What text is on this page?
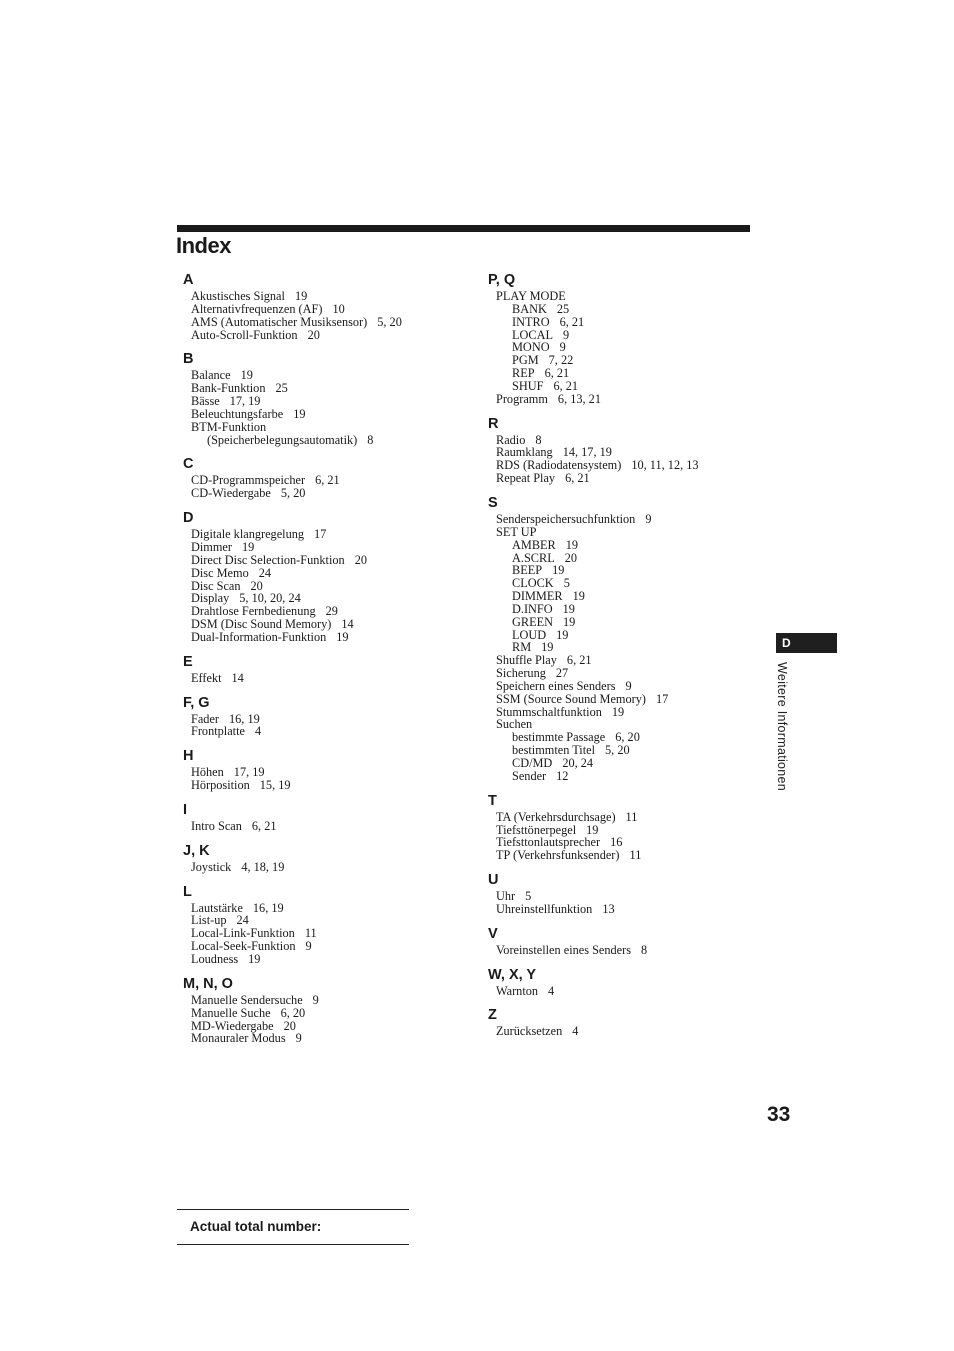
Index
A
Akustisches Signal 19
Alternativfrequenzen (AF) 10
AMS (Automatischer Musiksensor) 5, 20
Auto-Scroll-Funktion 20
B
Balance 19
Bank-Funktion 25
Bässe 17, 19
Beleuchtungsfarbe 19
BTM-Funktion
(Speicherbelegungsautomatik) 8
C
CD-Programmspeicher 6, 21
CD-Wiedergabe 5, 20
D
Digitale klangregelung 17
Dimmer 19
Direct Disc Selection-Funktion 20
Disc Memo 24
Disc Scan 20
Display 5, 10, 20, 24
Drahtlose Fernbedienung 29
DSM (Disc Sound Memory) 14
Dual-Information-Funktion 19
E
Effekt 14
F, G
Fader 16, 19
Frontplatte 4
H
Höhen 17, 19
Hörposition 15, 19
I
Intro Scan 6, 21
J, K
Joystick 4, 18, 19
L
Lautstärke 16, 19
List-up 24
Local-Link-Funktion 11
Local-Seek-Funktion 9
Loudness 19
M, N, O
Manuelle Sendersuche 9
Manuelle Suche 6, 20
MD-Wiedergabe 20
Monauraler Modus 9
P, Q
PLAY MODE
BANK 25
INTRO 6, 21
LOCAL 9
MONO 9
PGM 7, 22
REP 6, 21
SHUF 6, 21
Programm 6, 13, 21
R
Radio 8
Raumklang 14, 17, 19
RDS (Radiodatensystem) 10, 11, 12, 13
Repeat Play 6, 21
S
Senderspeichersuchfunktion 9
SET UP
AMBER 19
A.SCRL 20
BEEP 19
CLOCK 5
DIMMER 19
D.INFO 19
GREEN 19
LOUD 19
RM 19
Shuffle Play 6, 21
Sicherung 27
Speichern eines Senders 9
SSM (Source Sound Memory) 17
Stummschaltfunktion 19
Suchen
bestimmte Passage 6, 20
bestimmten Titel 5, 20
CD/MD 20, 24
Sender 12
T
TA (Verkehrsdurchsage) 11
Tiefsttönerpegel 19
Tiefsttonlautsprecher 16
TP (Verkehrsfunksender) 11
U
Uhr 5
Uhreinstellfunktion 13
V
Voreinstellen eines Senders 8
W, X, Y
Warnton 4
Z
Zurücksetzen 4
D
Weitere Informationen
33
Actual total number:
